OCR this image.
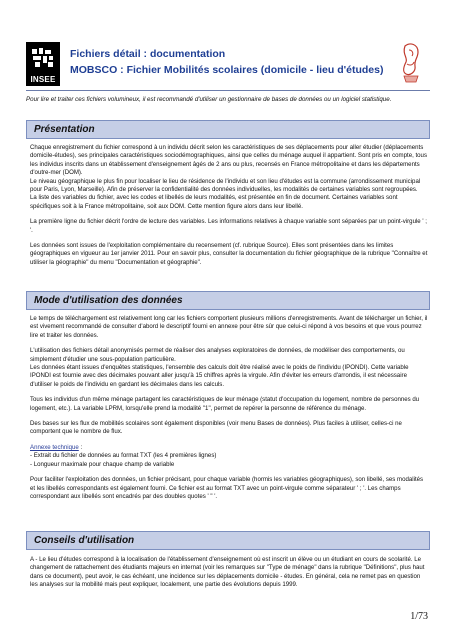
INSEE
Fichiers détail : documentation
MOBSCO : Fichier Mobilités scolaires (domicile - lieu d'études)
Pour lire et traiter ces fichiers volumineux, il est recommandé d'utiliser un gestionnaire de bases de données ou un logiciel statistique.
Présentation

Chaque enregistrement du fichier correspond à un individu décrit selon les caractéristiques de ses déplacements pour aller étudier (déplacements domicile-études), ses principales caractéristiques sociodémographiques, ainsi que celles du ménage auquel il appartient. Sont pris en compte, tous les individus inscrits dans un établissement d'enseignement âgés de 2 ans ou plus, recensés en France métropolitaine et dans les départements d'outre-mer (DOM).

Le niveau géographique le plus fin pour localiser le lieu de résidence de l'individu et son lieu d'études est la commune (arrondissement municipal pour Paris, Lyon, Marseille). Afin de préserver la confidentialité des données individuelles, les modalités de certaines variables sont regroupées.

La liste des variables du fichier, avec les codes et libellés de leurs modalités, est présentée en fin de document. Certaines variables sont spécifiques soit à la France métropolitaine, soit aux DOM. Cette mention figure alors dans leur libellé.

La première ligne du fichier décrit l'ordre de lecture des variables. Les informations relatives à chaque variable sont séparées par un point-virgule ' ; '.

Les données sont issues de l'exploitation complémentaire du recensement (cf. rubrique Source). Elles sont présentées dans les limites géographiques en vigueur au 1er janvier 2011. Pour en savoir plus, consulter la documentation du fichier géographique de la rubrique "Connaître et utiliser la géographie" du menu "Documentation et géographie".

Mode d'utilisation des données

Le temps de téléchargement est relativement long car les fichiers comportent plusieurs millions d'enregistrements. Avant de télécharger un fichier, il est vivement recommandé de consulter d'abord le descriptif fourni en annexe pour être sûr que celui-ci répond à vos besoins et que vous pourrez lire et traiter les données.

L'utilisation des fichiers détail anonymisés permet de réaliser des analyses exploratoires de données, de modéliser des comportements, ou simplement d'étudier une sous-population particulière.

Les données étant issues d'enquêtes statistiques, l'ensemble des calculs doit être réalisé avec le poids de l'individu (IPONDI). Cette variable IPONDI est fournie avec des décimales pouvant aller jusqu'à 15 chiffres après la virgule. Afin d'éviter les erreurs d'arrondis, il est nécessaire d'utiliser le poids de l'individu en gardant les décimales dans les calculs.

Tous les individus d'un même ménage partagent les caractéristiques de leur ménage (statut d'occupation du logement, nombre de personnes du logement, etc.). La variable LPRM, lorsqu'elle prend la modalité "1", permet de repérer la personne de référence du ménage.

Des bases sur les flux de mobilités scolaires sont également disponibles (voir menu Bases de données). Plus faciles à utiliser, celles-ci ne comportent que le nombre de flux.

Annexe technique :

- Extrait du fichier de données au format TXT (les 4 premières lignes)

- Longueur maximale pour chaque champ de variable

Pour faciliter l'exploitation des données, un fichier précisant, pour chaque variable (hormis les variables géographiques), son libellé, ses modalités et les libellés correspondants est également fourni. Ce fichier est au format TXT avec un point-virgule comme séparateur ' ; '. Les champs correspondant aux libellés sont encadrés par des doubles quotes ' " '.

Conseils d'utilisation

A - Le lieu d'études correspond à la localisation de l'établissement d'enseignement où est inscrit un élève ou un étudiant en cours de scolarité. Le changement de rattachement des étudiants majeurs en internat (voir les remarques sur "Type de ménage" dans la rubrique "Définitions", plus haut dans ce document), peut avoir, le cas échéant, une incidence sur les déplacements domicile - études. En général, cela ne remet pas en question les analyses sur la mobilité mais peut expliquer, localement, une partie des évolutions depuis 1999.

1/73
